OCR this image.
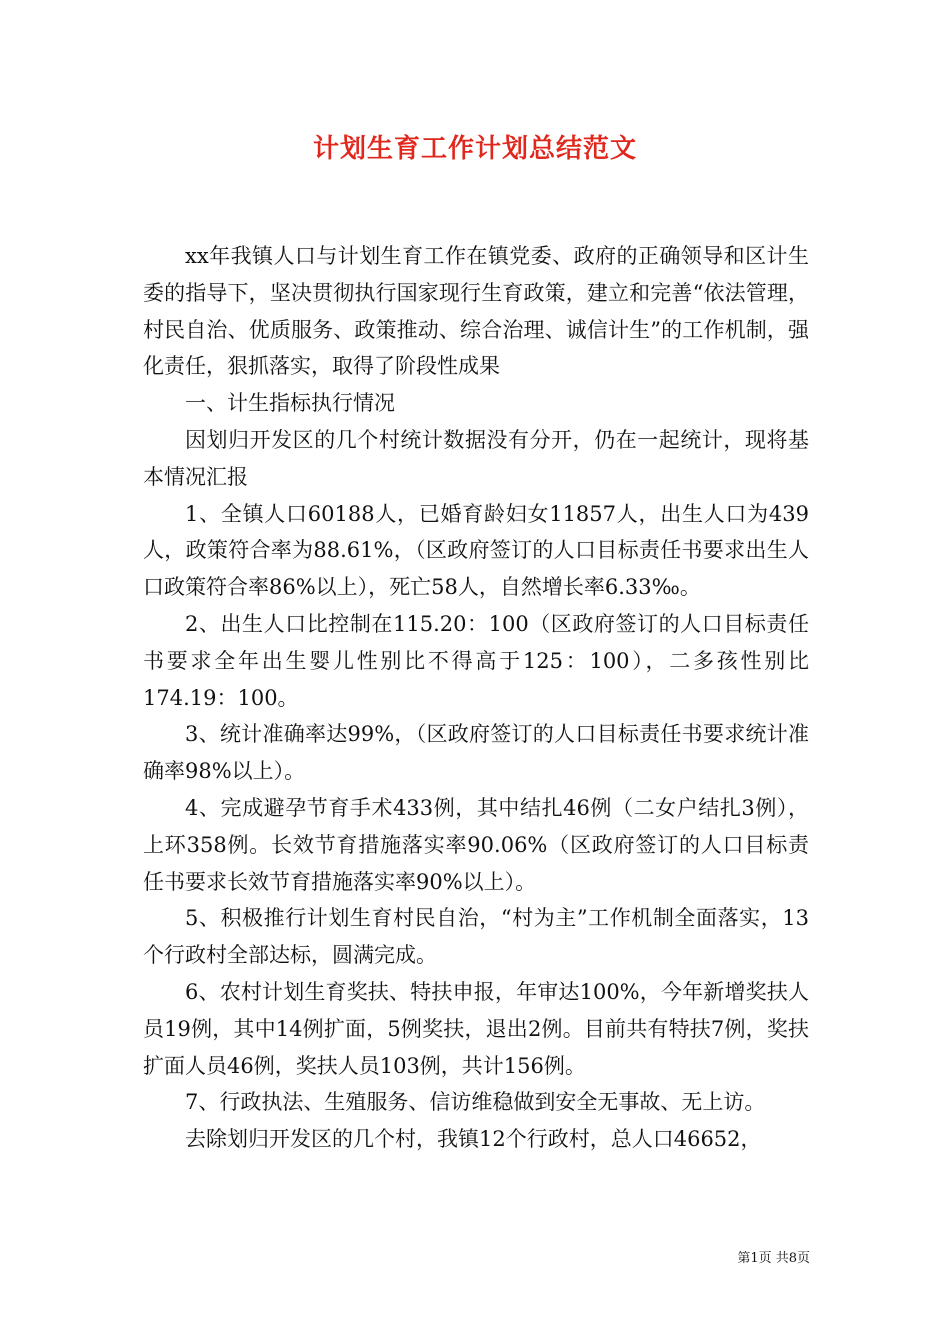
计划生育工作计划总结范文

xx年我镇人口与计划生育工作在镇党委、政府的正确领导和区计生委的指导下，坚决贯彻执行国家现行生育政策，建立和完善“依法管理，村民自治、优质服务、政策推动、综合治理、诚信计生”的工作机制，强化责任，狠抓落实，取得了阶段性成果

一、计生指标执行情况

因划归开发区的几个村统计数据没有分开，仍在一起统计，现将基本情况汇报

1、全镇人口60188人，已婚育龄妇女11857人，出生人口为439人，政策符合率为88.61%，（区政府签订的人口目标责任书要求出生人口政策符合率86%以上），死亡58人，自然增长率6.33‰。

2、出生人口比控制在115.20：100（区政府签订的人口目标责任书要求全年出生婴儿性别比不得高于125：100），二多孩性别比174.19：100。

3、统计准确率达99%，（区政府签订的人口目标责任书要求统计准确率98%以上）。

4、完成避孕节育手术433例，其中结扎46例（二女户结扎3例），上环358例。长效节育措施落实率90.06%（区政府签订的人口目标责任书要求长效节育措施落实率90%以上）。

5、积极推行计划生育村民自治，“村为主”工作机制全面落实，13个行政村全部达标，圆满完成。

6、农村计划生育奖扶、特扶申报，年审达100%，今年新增奖扶人员19例，其中14例扩面，5例奖扶，退出2例。目前共有特扶7例，奖扶扩面人员46例，奖扶人员103例，共计156例。

7、行政执法、生殖服务、信访维稳做到安全无事故、无上访。

去除划归开发区的几个村，我镇12个行政村，总人口46652，

第1页 共8页
